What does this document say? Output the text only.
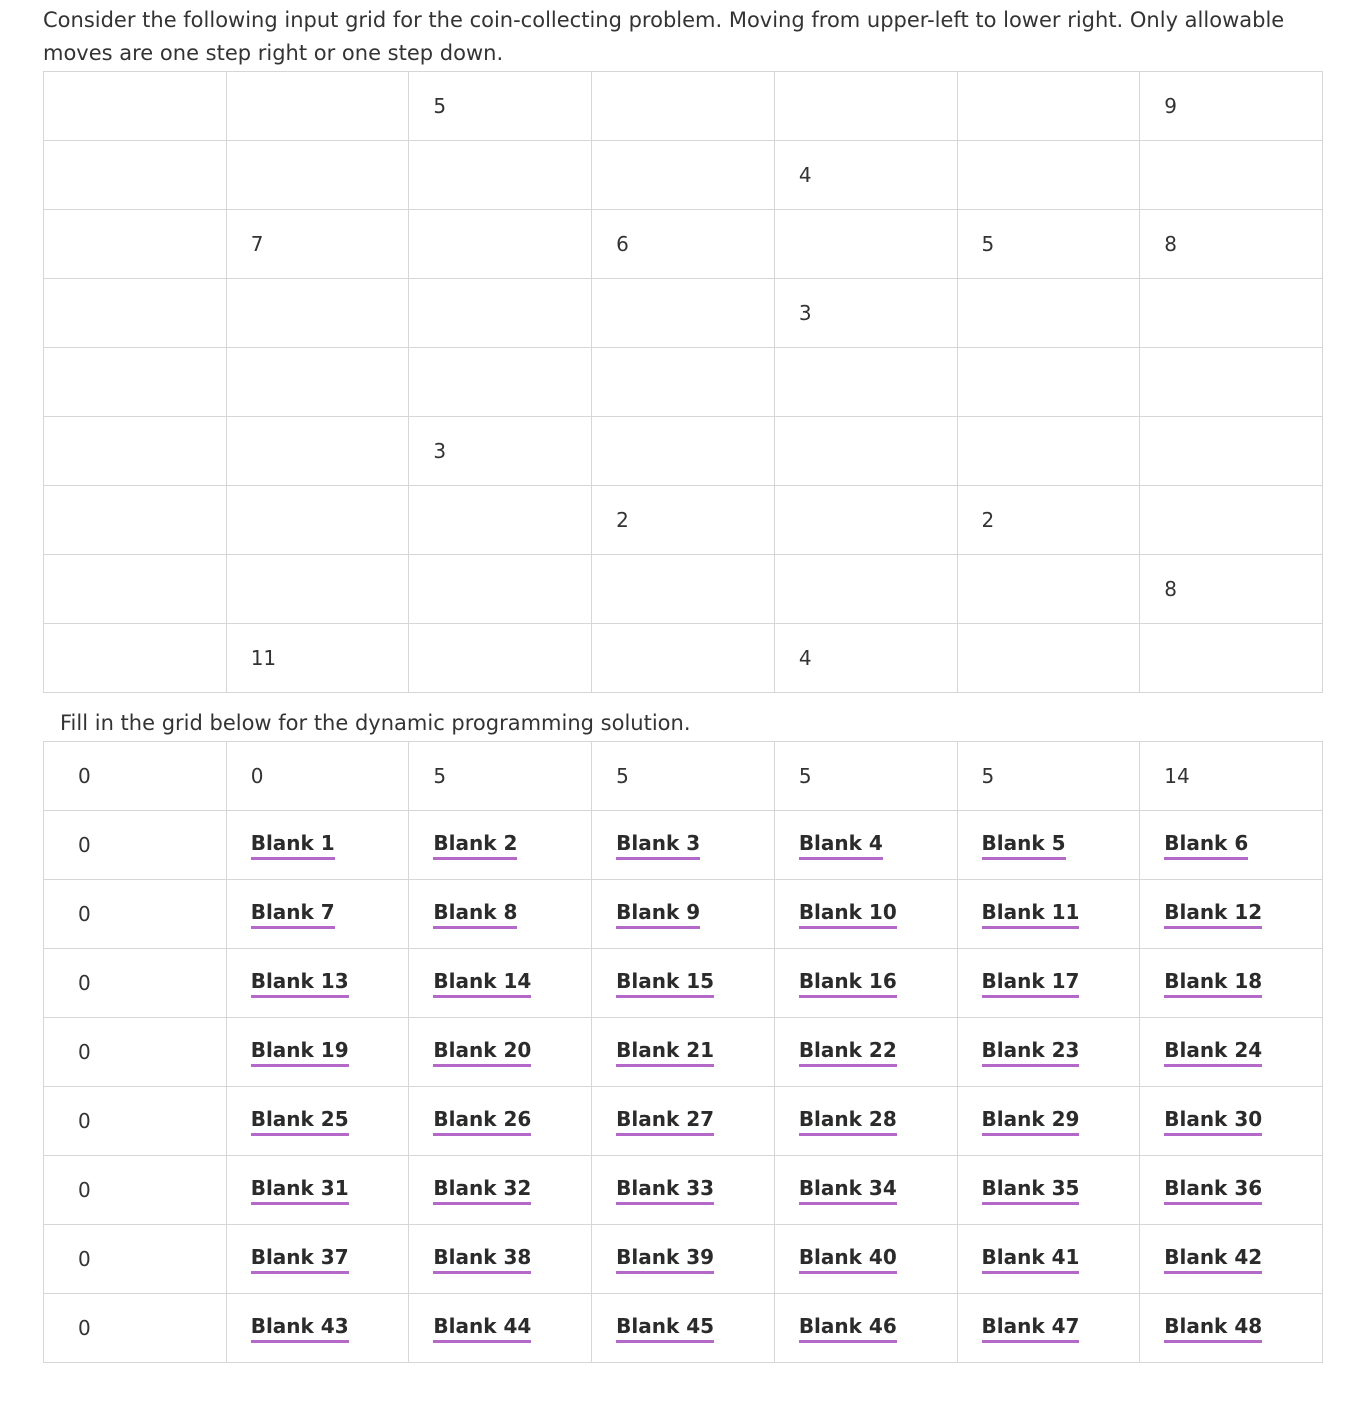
Consider the following input grid for the coin-collecting problem. Moving from upper-left to lower right. Only allowable moves are one step right or one step down.

		5				9
				4		
	7		6		5	8
				3		

		3				
			2		2	
						8
	11			4		

Fill in the grid below for the dynamic programming solution.

0	0	5	5	5	5	14
0	Blank 1	Blank 2	Blank 3	Blank 4	Blank 5	Blank 6
0	Blank 7	Blank 8	Blank 9	Blank 10	Blank 11	Blank 12
0	Blank 13	Blank 14	Blank 15	Blank 16	Blank 17	Blank 18
0	Blank 19	Blank 20	Blank 21	Blank 22	Blank 23	Blank 24
0	Blank 25	Blank 26	Blank 27	Blank 28	Blank 29	Blank 30
0	Blank 31	Blank 32	Blank 33	Blank 34	Blank 35	Blank 36
0	Blank 37	Blank 38	Blank 39	Blank 40	Blank 41	Blank 42
0	Blank 43	Blank 44	Blank 45	Blank 46	Blank 47	Blank 48
